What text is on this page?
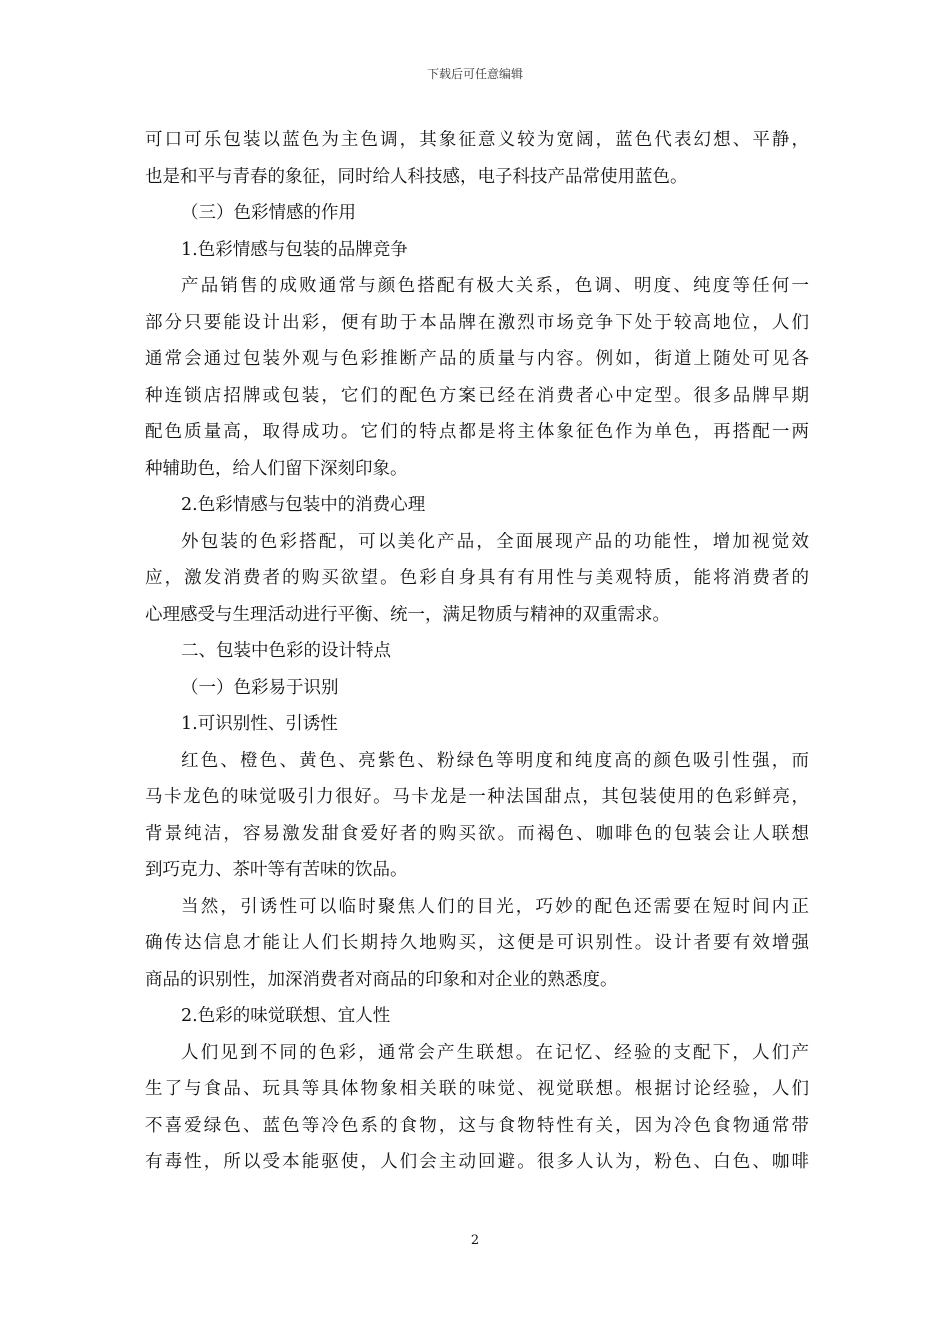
下载后可任意编辑
可口可乐包装以蓝色为主色调，其象征意义较为宽阔，蓝色代表幻想、平静，
也是和平与青春的象征，同时给人科技感，电子科技产品常使用蓝色。
（三）色彩情感的作用
1.色彩情感与包装的品牌竞争
产品销售的成败通常与颜色搭配有极大关系，色调、明度、纯度等任何一
部分只要能设计出彩，便有助于本品牌在激烈市场竞争下处于较高地位，人们
通常会通过包装外观与色彩推断产品的质量与内容。例如，街道上随处可见各
种连锁店招牌或包装，它们的配色方案已经在消费者心中定型。很多品牌早期
配色质量高，取得成功。它们的特点都是将主体象征色作为单色，再搭配一两
种辅助色，给人们留下深刻印象。
2.色彩情感与包装中的消费心理
外包装的色彩搭配，可以美化产品，全面展现产品的功能性，增加视觉效
应，激发消费者的购买欲望。色彩自身具有有用性与美观特质，能将消费者的
心理感受与生理活动进行平衡、统一，满足物质与精神的双重需求。
二、包装中色彩的设计特点
（一）色彩易于识别
1.可识别性、引诱性
红色、橙色、黄色、亮紫色、粉绿色等明度和纯度高的颜色吸引性强，而
马卡龙色的味觉吸引力很好。马卡龙是一种法国甜点，其包装使用的色彩鲜亮，
背景纯洁，容易激发甜食爱好者的购买欲。而褐色、咖啡色的包装会让人联想
到巧克力、茶叶等有苦味的饮品。
当然，引诱性可以临时聚焦人们的目光，巧妙的配色还需要在短时间内正
确传达信息才能让人们长期持久地购买，这便是可识别性。设计者要有效增强
商品的识别性，加深消费者对商品的印象和对企业的熟悉度。
2.色彩的味觉联想、宜人性
人们见到不同的色彩，通常会产生联想。在记忆、经验的支配下，人们产
生了与食品、玩具等具体物象相关联的味觉、视觉联想。根据讨论经验，人们
不喜爱绿色、蓝色等冷色系的食物，这与食物特性有关，因为冷色食物通常带
有毒性，所以受本能驱使，人们会主动回避。很多人认为，粉色、白色、咖啡
2
